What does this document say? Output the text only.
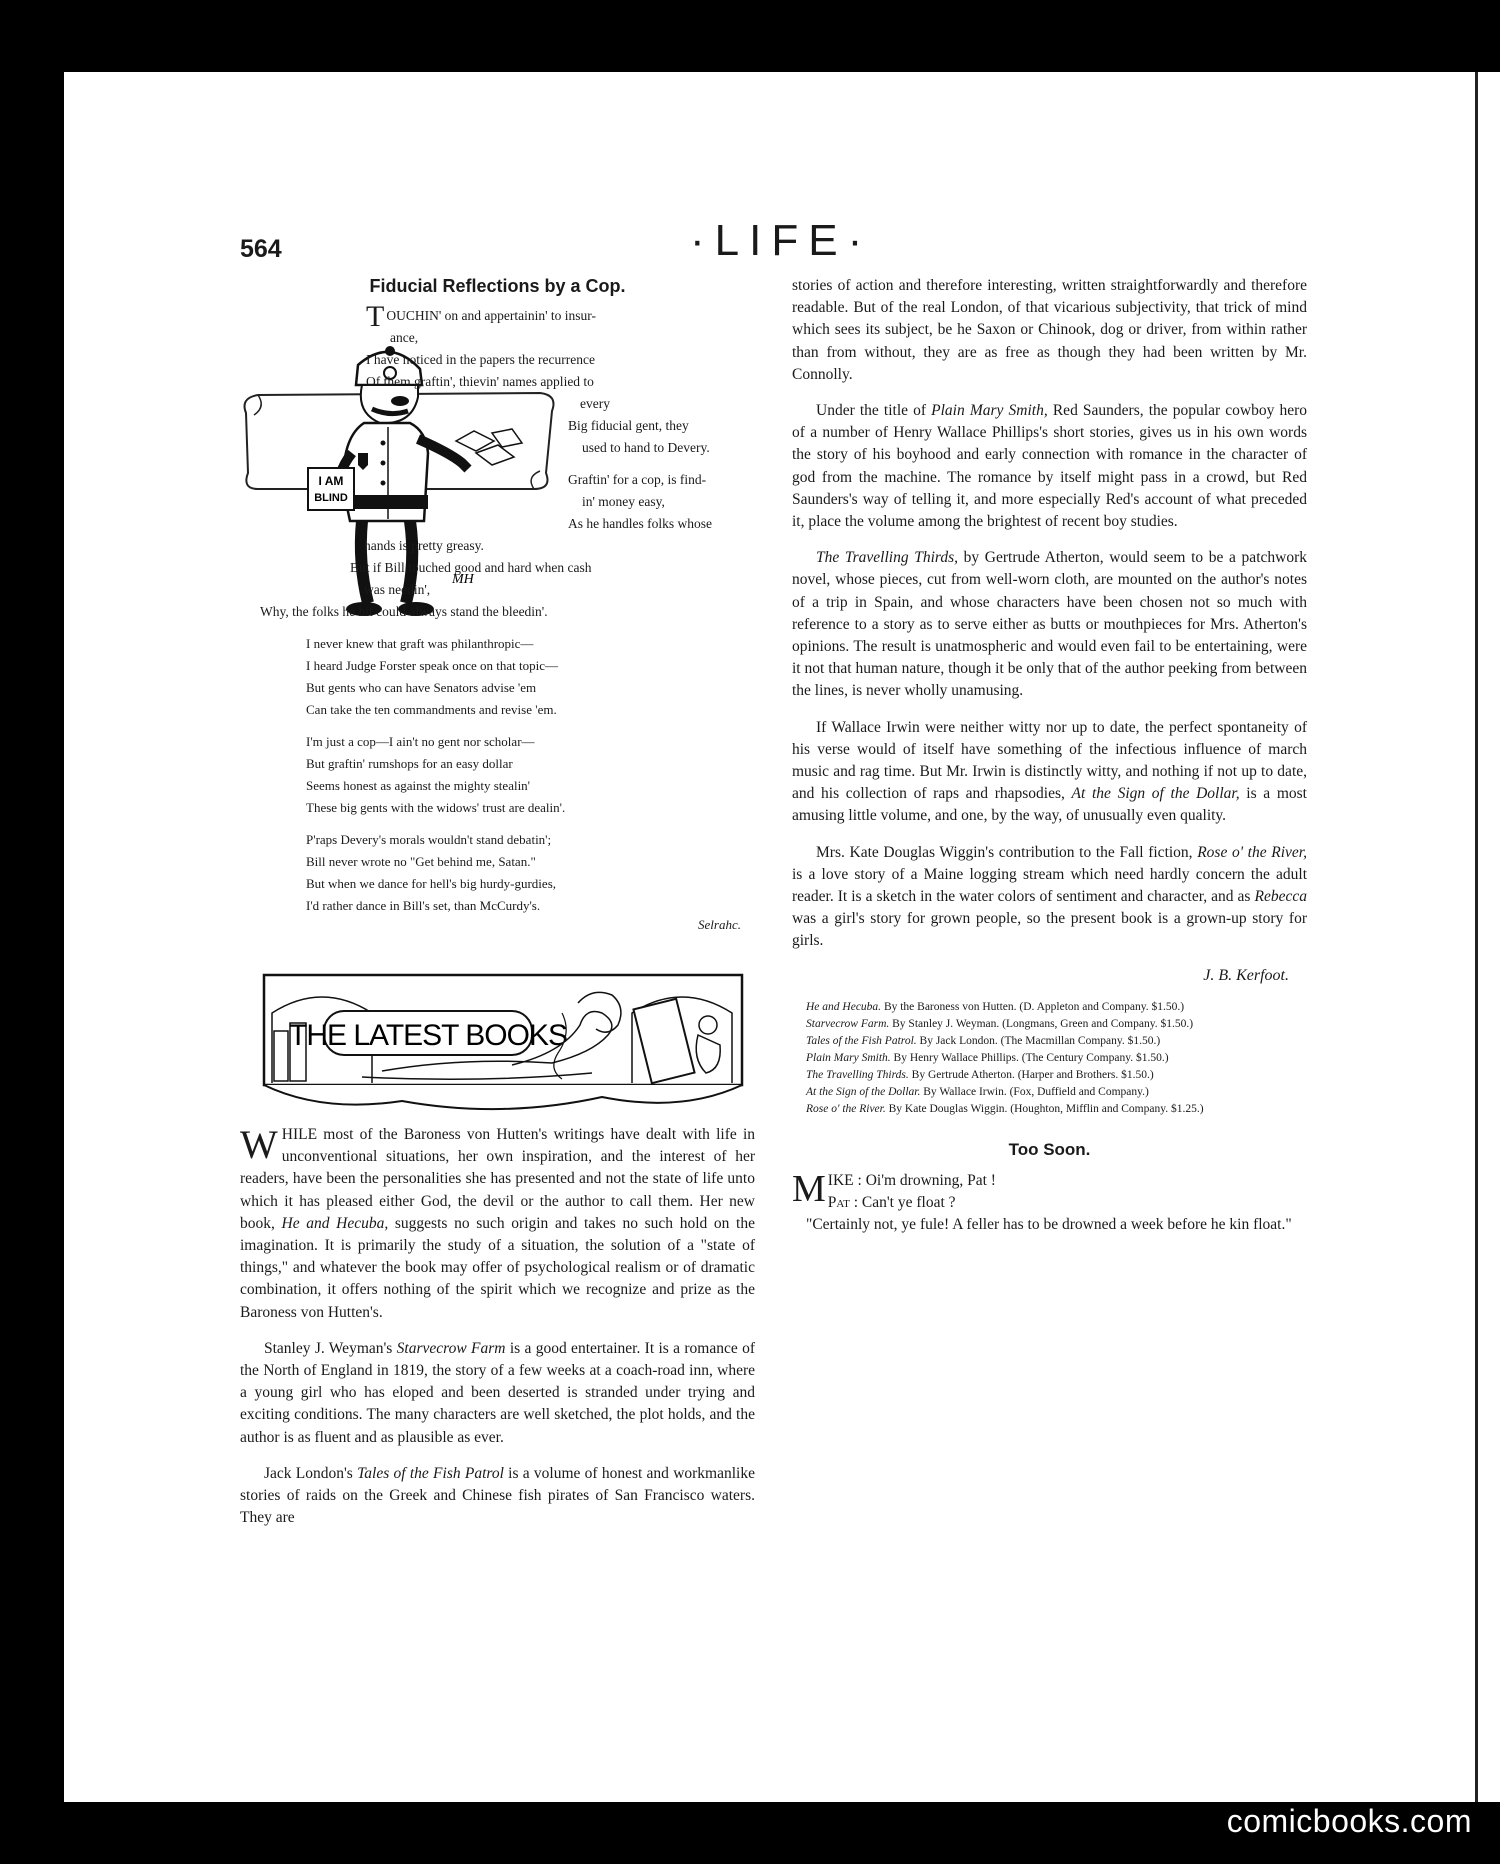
564	·LIFE·
Fiducial Reflections by a Cop.
I AM
BLIND
MH
TOUCHIN' on and appertainin' to insur-
ance,
I have noticed in the papers the recurrence
Of them graftin', thievin' names applied to
every
Big fiducial gent, they
used to hand to Devery.
Graftin' for a cop, is find-
in' money easy,
As he handles folks whose
hands is pretty greasy.
But if Bill touched good and hard when cash
was needin',
Why, the folks he hit could always stand the bleedin'.
I never knew that graft was philanthropic—
I heard Judge Forster speak once on that topic—
But gents who can have Senators advise 'em
Can take the ten commandments and revise 'em.
I'm just a cop—I ain't no gent nor scholar—
But graftin' rumshops for an easy dollar
Seems honest as against the mighty stealin'
These big gents with the widows' trust are dealin'.
P'raps Devery's morals wouldn't stand debatin';
Bill never wrote no "Get behind me, Satan."
But when we dance for hell's big hurdy-gurdies,
I'd rather dance in Bill's set, than McCurdy's.
Selrahc.
THE LATEST BOOKS

WHILE most of the Baroness von Hutten's writings have dealt with life in unconventional situations, her own inspiration, and the interest of her readers, have been the personalities she has presented and not the state of life unto which it has pleased either God, the devil or the author to call them. Her new book, He and Hecuba, suggests no such origin and takes no such hold on the imagination. It is primarily the study of a situation, the solution of a "state of things," and whatever the book may offer of psychological realism or of dramatic combination, it offers nothing of the spirit which we recognize and prize as the Baroness von Hutten's.

Stanley J. Weyman's Starvecrow Farm is a good entertainer. It is a romance of the North of England in 1819, the story of a few weeks at a coach-road inn, where a young girl who has eloped and been deserted is stranded under trying and exciting conditions. The many characters are well sketched, the plot holds, and the author is as fluent and as plausible as ever.

Jack London's Tales of the Fish Patrol is a volume of honest and workmanlike stories of raids on the Greek and Chinese fish pirates of San Francisco waters. They are

stories of action and therefore interesting, written straightforwardly and therefore readable. But of the real London, of that vicarious subjectivity, that trick of mind which sees its subject, be he Saxon or Chinook, dog or driver, from within rather than from without, they are as free as though they had been written by Mr. Connolly.

Under the title of Plain Mary Smith, Red Saunders, the popular cowboy hero of a number of Henry Wallace Phillips's short stories, gives us in his own words the story of his boyhood and early connection with romance in the character of god from the machine. The romance by itself might pass in a crowd, but Red Saunders's way of telling it, and more especially Red's account of what preceded it, place the volume among the brightest of recent boy studies.

The Travelling Thirds, by Gertrude Atherton, would seem to be a patchwork novel, whose pieces, cut from well-worn cloth, are mounted on the author's notes of a trip in Spain, and whose characters have been chosen not so much with reference to a story as to serve either as butts or mouthpieces for Mrs. Atherton's opinions. The result is unatmospheric and would even fail to be entertaining, were it not that human nature, though it be only that of the author peeking from between the lines, is never wholly unamusing.

If Wallace Irwin were neither witty nor up to date, the perfect spontaneity of his verse would of itself have something of the infectious influence of march music and rag time. But Mr. Irwin is distinctly witty, and nothing if not up to date, and his collection of raps and rhapsodies, At the Sign of the Dollar, is a most amusing little volume, and one, by the way, of unusually even quality.

Mrs. Kate Douglas Wiggin's contribution to the Fall fiction, Rose o' the River, is a love story of a Maine logging stream which need hardly concern the adult reader. It is a sketch in the water colors of sentiment and character, and as Rebecca was a girl's story for grown people, so the present book is a grown-up story for girls.

J. B. Kerfoot.
He and Hecuba. By the Baroness von Hutten. (D. Appleton and Company. $1.50.)
Starvecrow Farm. By Stanley J. Weyman. (Longmans, Green and Company. $1.50.)
Tales of the Fish Patrol. By Jack London. (The Macmillan Company. $1.50.)
Plain Mary Smith. By Henry Wallace Phillips. (The Century Company. $1.50.)
The Travelling Thirds. By Gertrude Atherton. (Harper and Brothers. $1.50.)
At the Sign of the Dollar. By Wallace Irwin. (Fox, Duffield and Company.)
Rose o' the River. By Kate Douglas Wiggin. (Houghton, Mifflin and Company. $1.25.)
Too Soon.
M IKE : Oi'm drowning, Pat !
Pat : Can't ye float ?
"Certainly not, ye fule! A feller has to be drowned a week before he kin float."
comicbooks.com
